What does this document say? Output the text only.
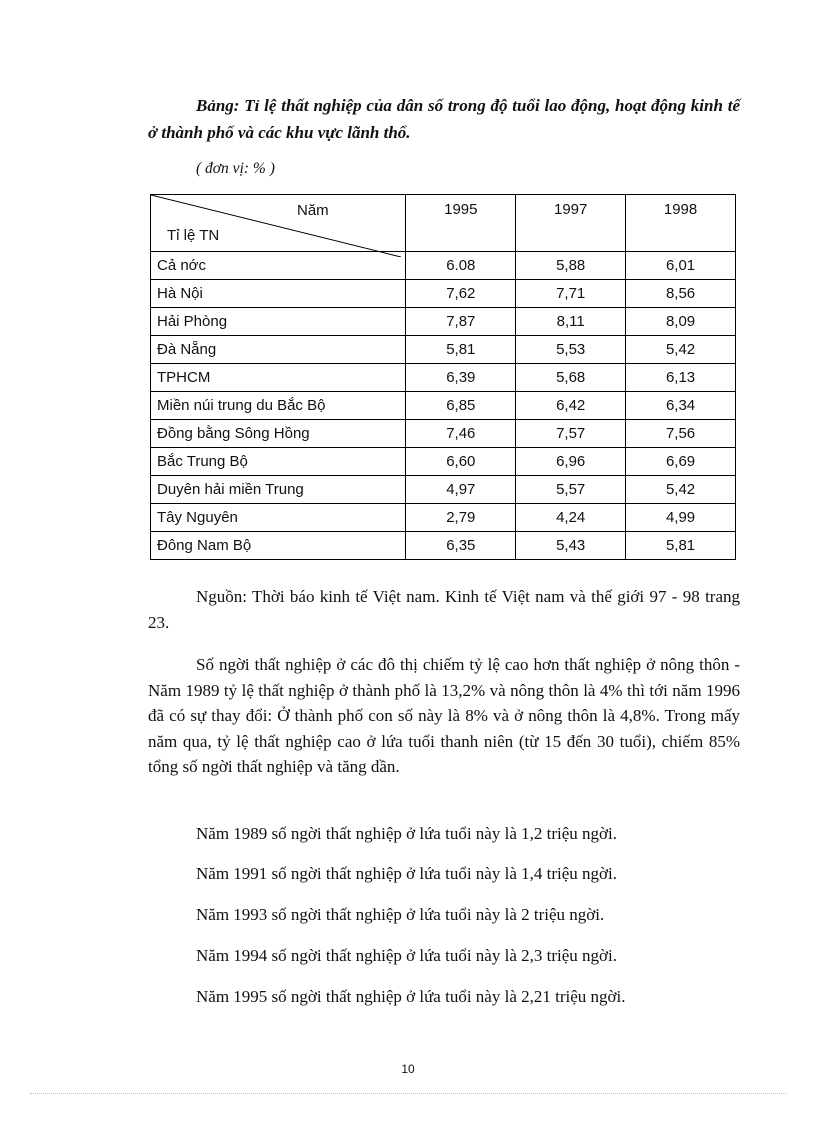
Bảng: Tỉ lệ thất nghiệp của dân số trong độ tuổi lao động, hoạt động kinh tế ở thành phố và các khu vực lãnh thổ.
( đơn vị: % )
Năm
Tỉ lệ TN	1995	1997	1998
Cả nớc	6.08	5,88	6,01
Hà Nội	7,62	7,71	8,56
Hải Phòng	7,87	8,11	8,09
Đà Nẵng	5,81	5,53	5,42
TPHCM	6,39	5,68	6,13
Miền núi trung du Bắc Bộ	6,85	6,42	6,34
Đồng bằng Sông Hồng	7,46	7,57	7,56
Bắc Trung Bộ	6,60	6,96	6,69
Duyên hải miền Trung	4,97	5,57	5,42
Tây Nguyên	2,79	4,24	4,99
Đông Nam Bộ	6,35	5,43	5,81
Nguồn: Thời báo kinh tế Việt nam. Kinh tế Việt nam và thế giới 97 - 98 trang 23.
Số ngời thất nghiệp ở các đô thị chiếm tỷ lệ cao hơn thất nghiệp ở nông thôn - Năm 1989 tỷ lệ thất nghiệp ở thành phố là 13,2% và nông thôn là 4% thì tới năm 1996 đã có sự thay đổi: Ở thành phố con số này là 8% và ở nông thôn là 4,8%. Trong mấy năm qua, tỷ lệ thất nghiệp cao ở lứa tuổi thanh niên (từ 15 đến 30 tuổi), chiếm 85% tổng số ngời thất nghiệp và tăng dần.
Năm 1989 số ngời thất nghiệp ở lứa tuổi này là 1,2 triệu ngời.
Năm 1991 số ngời thất nghiệp ở lứa tuổi này là 1,4 triệu ngời.
Năm 1993 số ngời thất nghiệp ở lứa tuổi này là 2 triệu ngời.
Năm 1994 số ngời thất nghiệp ở lứa tuổi này là 2,3 triệu ngời.
Năm 1995 số ngời thất nghiệp ở lứa tuổi này là 2,21 triệu ngời.
10
